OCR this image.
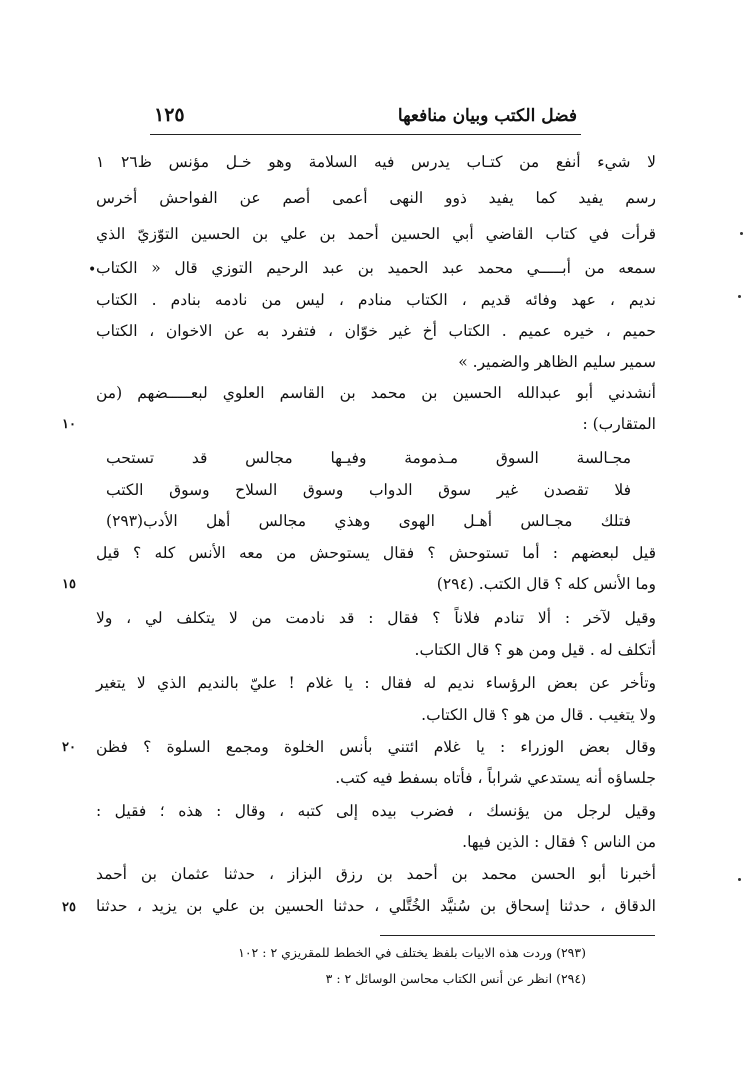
فضل الكتب وبيان منافعها
١٢٥
لا شيء أنفع من كتـاب يدرس فيه السلامة وهو خـل مؤنس ظ٢٦ ١
رسم يفيد كما يفيد ذوو النهى أعمى أصم عن الفواحش أخرس
قرأت في كتاب القاضي أبي الحسين أحمد بن علي بن الحسين التوّزيّ الذي
• سمعه من أبـــــي محمد عبد الحميد بن عبد الرحيم التوزي قال « الكتاب
نديم ، عهد وفائه قديم ، الكتاب منادم ، ليس من نادمه بنادم . الكتاب
حميم ، خيره عميم . الكتاب أخ غير خوّان ، فتفرد به عن الاخوان ، الكتاب
سمير سليم الظاهر والضمير. »
أنشدني أبو عبدالله الحسين بن محمد بن القاسم العلوي لبعـــــضهم (من
١٠	المتقارب) :
مجـالسة السوق مـذمومة وفيـها مجالس قد تستحب
فلا تقصدن غير سوق الدواب وسوق السلاح وسوق الكتب
فتلك مجـالس أهـل الهوى وهذي مجالس أهل الأدب(٢٩٣)
قيل لبعضهم : أما تستوحش ؟ فقال يستوحش من معه الأنس كله ؟ قيل
١٥	وما الأنس كله ؟ قال الكتب. (٢٩٤)
وقيل لآخر : ألا تنادم فلاناً ؟ فقال : قد نادمت من لا يتكلف لي ، ولا
أتكلف له . قيل ومن هو ؟ قال الكتاب.
وتأخر عن بعض الرؤساء نديم له فقال : يا غلام ! عليّ بالنديم الذي لا يتغير
ولا يتغيب . قال من هو ؟ قال الكتاب.
٢٠ وقال بعض الوزراء : يا غلام ائتني بأنس الخلوة ومجمع السلوة ؟ فظن
جلساؤه أنه يستدعي شراباً ، فأتاه بسفط فيه كتب.
وقيل لرجل من يؤنسك ، فضرب بيده إلى كتبه ، وقال : هذه ؛ فقيل :
من الناس ؟ فقال : الذين فيها.
أخبرنا أبو الحسن محمد بن أحمد بن رزق البزاز ، حدثنا عثمان بن أحمد
٢٥ الدقاق ، حدثنا إسحاق بن سُنيَّد الخُتَّلي ، حدثنا الحسين بن علي بن يزيد ، حدثنا
(٢٩٣) وردت هذه الابيات بلفظ يختلف في الخطط للمقريزي ٢ : ١٠٢
(٢٩٤) انظر عن أنس الكتاب محاسن الوسائل ٢ : ٣
